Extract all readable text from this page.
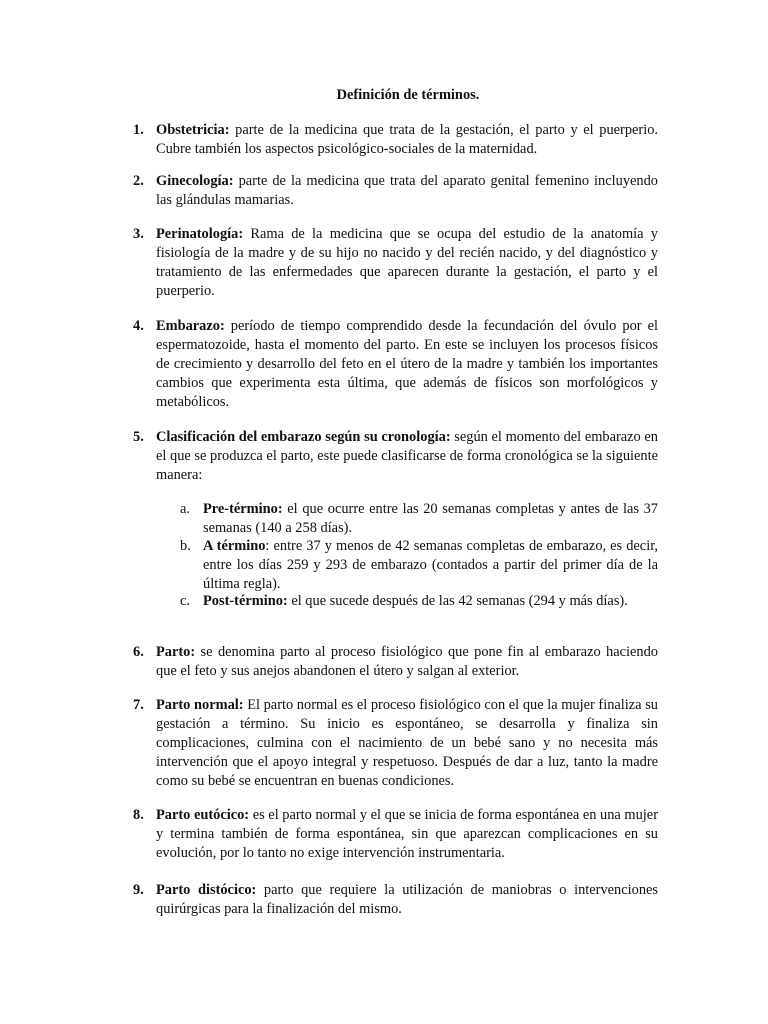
Definición de términos.
1. Obstetricia: parte de la medicina que trata de la gestación, el parto y el puerperio. Cubre también los aspectos psicológico-sociales de la maternidad.
2. Ginecología: parte de la medicina que trata del aparato genital femenino incluyendo las glándulas mamarias.
3. Perinatología: Rama de la medicina que se ocupa del estudio de la anatomía y fisiología de la madre y de su hijo no nacido y del recién nacido, y del diagnóstico y tratamiento de las enfermedades que aparecen durante la gestación, el parto y el puerperio.
4. Embarazo: período de tiempo comprendido desde la fecundación del óvulo por el espermatozoide, hasta el momento del parto. En este se incluyen los procesos físicos de crecimiento y desarrollo del feto en el útero de la madre y también los importantes cambios que experimenta esta última, que además de físicos son morfológicos y metabólicos.
5. Clasificación del embarazo según su cronología: según el momento del embarazo en el que se produzca el parto, este puede clasificarse de forma cronológica se la siguiente manera:
a. Pre-término: el que ocurre entre las 20 semanas completas y antes de las 37 semanas (140 a 258 días).
b. A término: entre 37 y menos de 42 semanas completas de embarazo, es decir, entre los días 259 y 293 de embarazo (contados a partir del primer día de la última regla).
c. Post-término: el que sucede después de las 42 semanas (294 y más días).
6. Parto: se denomina parto al proceso fisiológico que pone fin al embarazo haciendo que el feto y sus anejos abandonen el útero y salgan al exterior.
7. Parto normal: El parto normal es el proceso fisiológico con el que la mujer finaliza su gestación a término. Su inicio es espontáneo, se desarrolla y finaliza sin complicaciones, culmina con el nacimiento de un bebé sano y no necesita más intervención que el apoyo integral y respetuoso. Después de dar a luz, tanto la madre como su bebé se encuentran en buenas condiciones.
8. Parto eutócico: es el parto normal y el que se inicia de forma espontánea en una mujer y termina también de forma espontánea, sin que aparezcan complicaciones en su evolución, por lo tanto no exige intervención instrumentaria.
9. Parto distócico: parto que requiere la utilización de maniobras o intervenciones quirúrgicas para la finalización del mismo.
